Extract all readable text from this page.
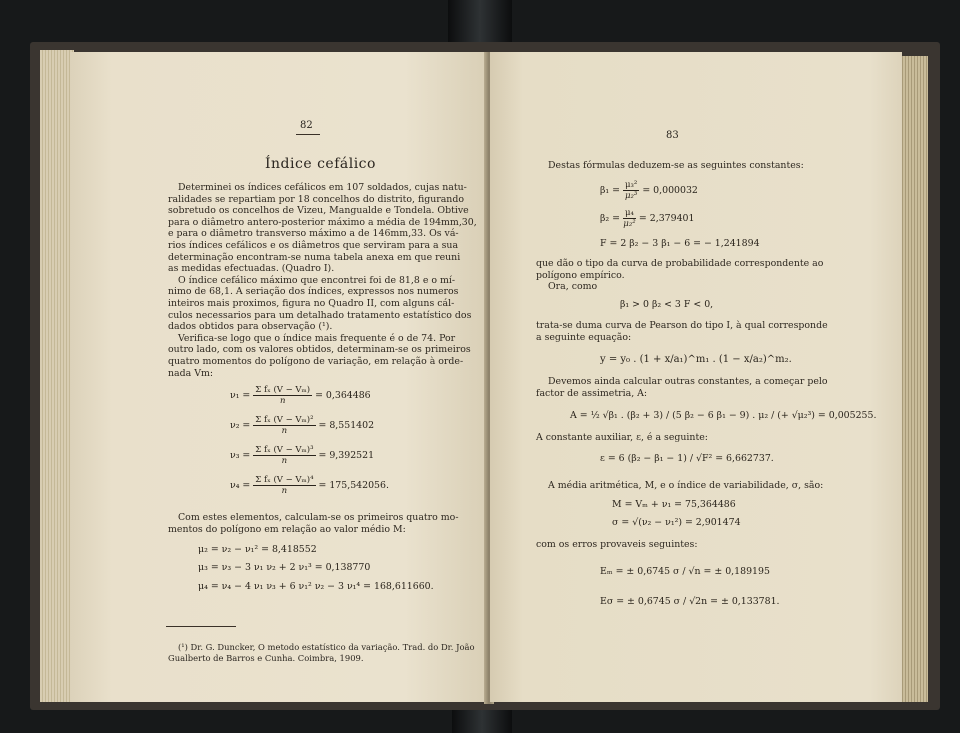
82
Índice cefálico
Determinei os índices cefálicos em 107 soldados, cujas natu-
ralidades se repartiam por 18 concelhos do distrito, figurando
sobretudo os concelhos de Vizeu, Mangualde e Tondela. Obtive
para o diâmetro antero-posterior máximo a média de 194mm,30,
e para o diâmetro transverso máximo a de 146mm,33. Os vá-
rios índices cefálicos e os diâmetros que serviram para a sua
determinação encontram-se numa tabela anexa em que reuni
as medidas efectuadas. (Quadro I).
O índice cefálico máximo que encontrei foi de 81,8 e o mí-
nimo de 68,1. A seriação dos índices, expressos nos numeros
inteiros mais proximos, figura no Quadro II, com alguns cál-
culos necessarios para um detalhado tratamento estatístico dos
dados obtidos para observação (¹).
Verifica-se logo que o índice mais frequente é o de 74. Por
outro lado, com os valores obtidos, determinam-se os primeiros
quatro momentos do polígono de variação, em relação à orde-
nada Vm:
$\nu_1 = \frac{\text{Σ fₓ (V − Vₘ)}}{n} = 0,364486$
$\nu_2 = \frac{\text{Σ fₓ (V − Vₘ)²}}{n} = 8,551402$
$\nu_3 = \frac{\text{Σ fₓ (V − Vₘ)³}}{n} = 9,392521$
$\nu_4 = \frac{\text{Σ fₓ (V − Vₘ)⁴}}{n} = 175,542056$.
Com estes elementos, calculam-se os primeiros quatro mo-
mentos do polígono em relação ao valor médio M:
μ₂ = ν₂ − ν₁² = 8,418552
μ₃ = ν₃ − 3 ν₁ ν₂ + 2 ν₁³ = 0,138770
μ₄ = ν₄ − 4 ν₁ ν₃ + 6 ν₁² ν₂ − 3 ν₁⁴ = 168,611660.
(¹) Dr. G. Duncker, O metodo estatístico da variação. Trad. do Dr. João
Gualberto de Barros e Cunha. Coimbra, 1909.
83
Destas fórmulas deduzem-se as seguintes constantes:
$\beta_1 = \frac{\text{μ₃²}}{\text{μ₂³}} = 0,000032$
$\beta_2 = \frac{\text{μ₄}}{\text{μ₂²}} = 2,379401$
F = 2 β₂ − 3 β₁ − 6 = − 1,241894
que dão o tipo da curva de probabilidade correspondente ao
polígono empírico.
Ora, como
β₁ > 0 β₂ < 3 F < 0,
trata-se duma curva de Pearson do tipo I, à qual corresponde
a seguinte equação:
y = y₀ . (1 + x/a₁)^m₁ . (1 − x/a₂)^m₂.
Devemos ainda calcular outras constantes, a começar pelo
factor de assimetria, A:
A = ½ √β₁ . (β₂ + 3) / (5 β₂ − 6 β₁ − 9) . μ₂ / (+ √μ₂³) = 0,005255.
A constante auxiliar, ε, é a seguinte:
ε = 6 (β₂ − β₁ − 1) / √F² = 6,662737.
A média aritmética, M, e o índice de variabilidade, σ, são:
M = Vₘ + ν₁ = 75,364486
σ = √(ν₂ − ν₁²) = 2,901474
com os erros provaveis seguintes:
Eₘ = ± 0,6745 σ / √n = ± 0,189195
Eσ = ± 0,6745 σ / √2n = ± 0,133781.
